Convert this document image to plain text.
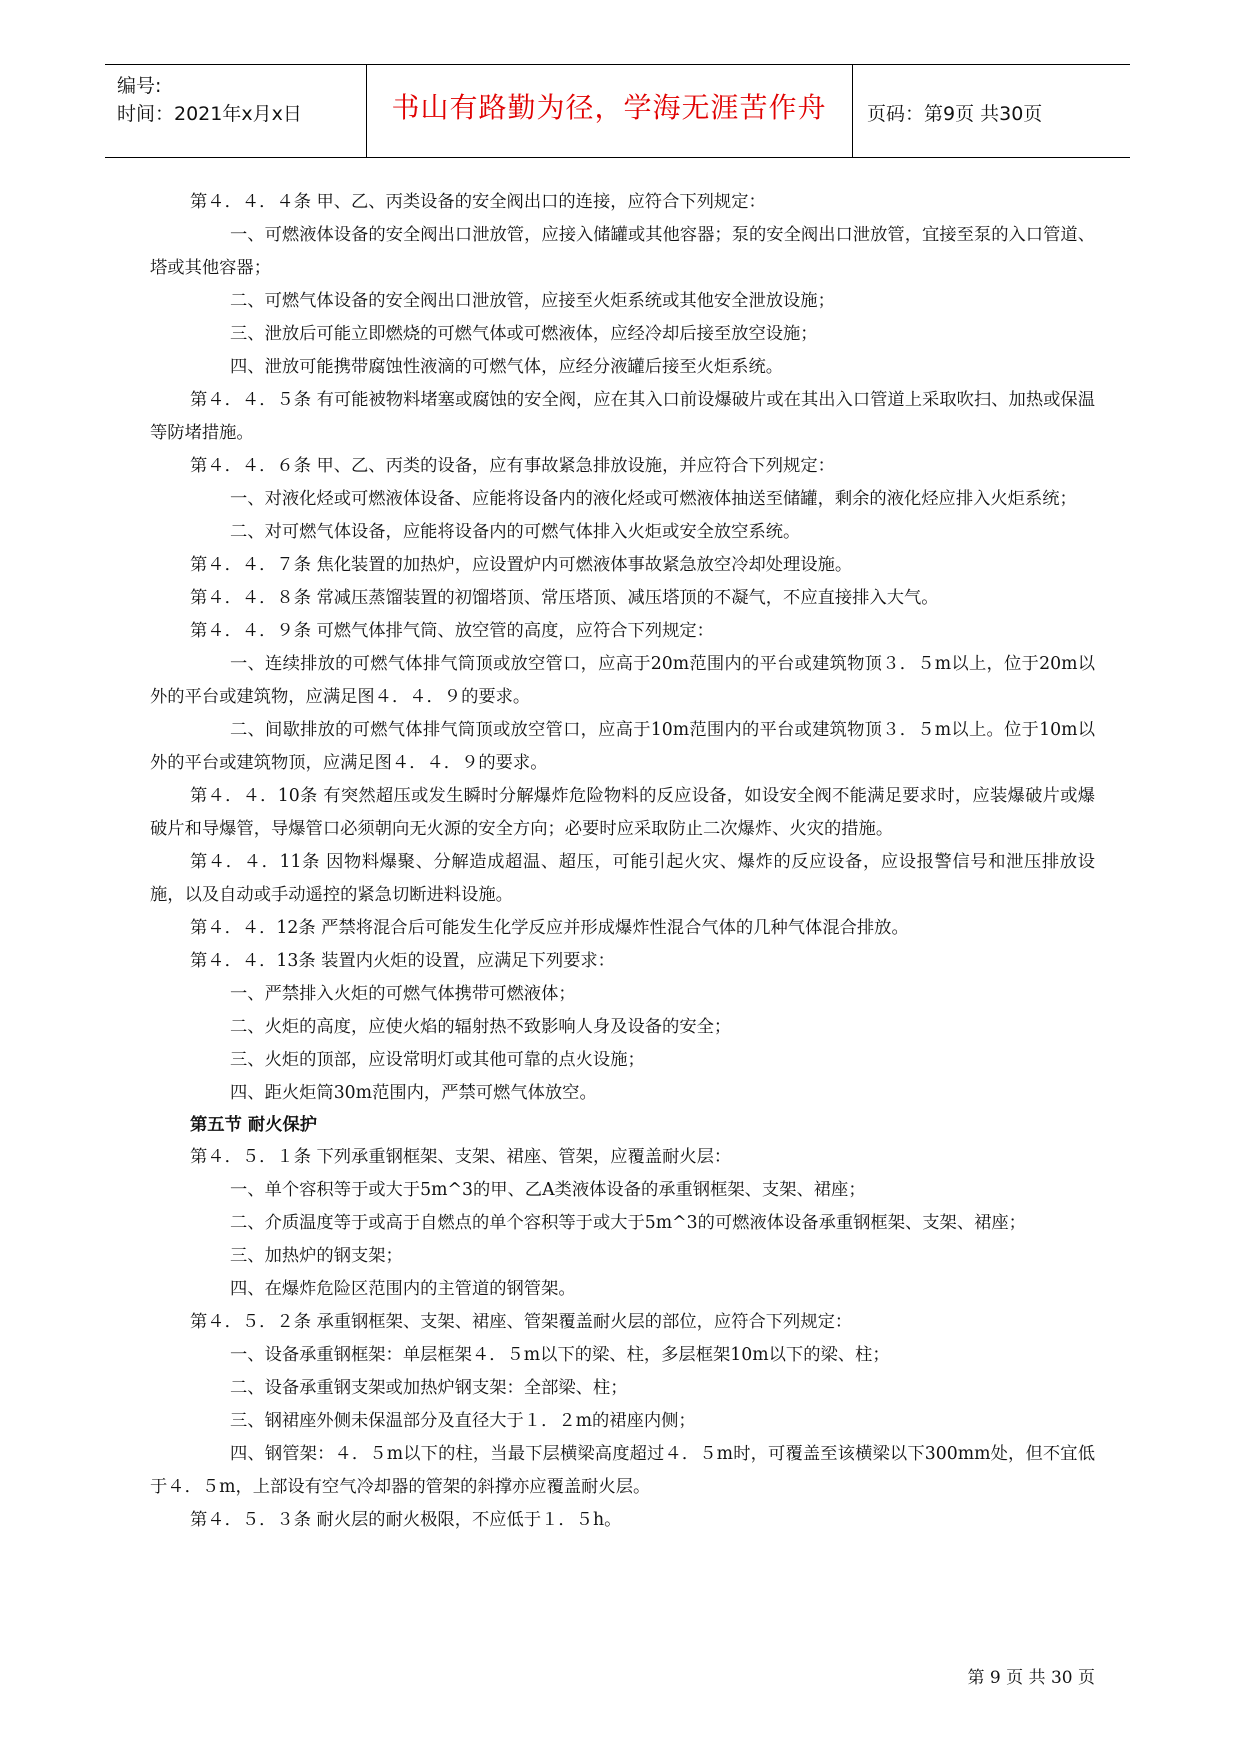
编号:
时间：2021年x月x日	书山有路勤为径，学海无涯苦作舟	页码：第9页 共30页

第４．４．４条 甲、乙、丙类设备的安全阀出口的连接，应符合下列规定：

一、可燃液体设备的安全阀出口泄放管，应接入储罐或其他容器；泵的安全阀出口泄放管，宜接至泵的入口管道、塔或其他容器；

二、可燃气体设备的安全阀出口泄放管，应接至火炬系统或其他安全泄放设施；

三、泄放后可能立即燃烧的可燃气体或可燃液体，应经冷却后接至放空设施；

四、泄放可能携带腐蚀性液滴的可燃气体，应经分液罐后接至火炬系统。

第４．４．５条 有可能被物料堵塞或腐蚀的安全阀，应在其入口前设爆破片或在其出入口管道上采取吹扫、加热或保温等防堵措施。

第４．４．６条 甲、乙、丙类的设备，应有事故紧急排放设施，并应符合下列规定：

一、对液化烃或可燃液体设备、应能将设备内的液化烃或可燃液体抽送至储罐，剩余的液化烃应排入火炬系统；

二、对可燃气体设备，应能将设备内的可燃气体排入火炬或安全放空系统。

第４．４．７条 焦化装置的加热炉，应设置炉内可燃液体事故紧急放空冷却处理设施。

第４．４．８条 常减压蒸馏装置的初馏塔顶、常压塔顶、减压塔顶的不凝气，不应直接排入大气。

第４．４．９条 可燃气体排气筒、放空管的高度，应符合下列规定：

一、连续排放的可燃气体排气筒顶或放空管口，应高于20m范围内的平台或建筑物顶３．５m以上，位于20m以外的平台或建筑物，应满足图４．４．９的要求。

二、间歇排放的可燃气体排气筒顶或放空管口，应高于10m范围内的平台或建筑物顶３．５m以上。位于10m以外的平台或建筑物顶，应满足图４．４．９的要求。

第４．４．10条 有突然超压或发生瞬时分解爆炸危险物料的反应设备，如设安全阀不能满足要求时，应装爆破片或爆破片和导爆管，导爆管口必须朝向无火源的安全方向；必要时应采取防止二次爆炸、火灾的措施。

第４．４．11条 因物料爆聚、分解造成超温、超压，可能引起火灾、爆炸的反应设备，应设报警信号和泄压排放设施，以及自动或手动遥控的紧急切断进料设施。

第４．４．12条 严禁将混合后可能发生化学反应并形成爆炸性混合气体的几种气体混合排放。

第４．４．13条 装置内火炬的设置，应满足下列要求：

一、严禁排入火炬的可燃气体携带可燃液体；

二、火炬的高度，应使火焰的辐射热不致影响人身及设备的安全；

三、火炬的顶部，应设常明灯或其他可靠的点火设施；

四、距火炬筒30m范围内，严禁可燃气体放空。

第五节 耐火保护

第４．５．１条 下列承重钢框架、支架、裙座、管架，应覆盖耐火层：

一、单个容积等于或大于5m^3的甲、乙A类液体设备的承重钢框架、支架、裙座；

二、介质温度等于或高于自燃点的单个容积等于或大于5m^3的可燃液体设备承重钢框架、支架、裙座；

三、加热炉的钢支架；

四、在爆炸危险区范围内的主管道的钢管架。

第４．５．２条 承重钢框架、支架、裙座、管架覆盖耐火层的部位，应符合下列规定：

一、设备承重钢框架：单层框架４．５m以下的梁、柱，多层框架10m以下的梁、柱；

二、设备承重钢支架或加热炉钢支架：全部梁、柱；

三、钢裙座外侧未保温部分及直径大于１．２m的裙座内侧；

四、钢管架：４．５m以下的柱，当最下层横梁高度超过４．５m时，可覆盖至该横梁以下300mm处，但不宜低于４．５m，上部设有空气冷却器的管架的斜撑亦应覆盖耐火层。

第４．５．３条 耐火层的耐火极限，不应低于１．５h。

第 9 页 共 30 页
